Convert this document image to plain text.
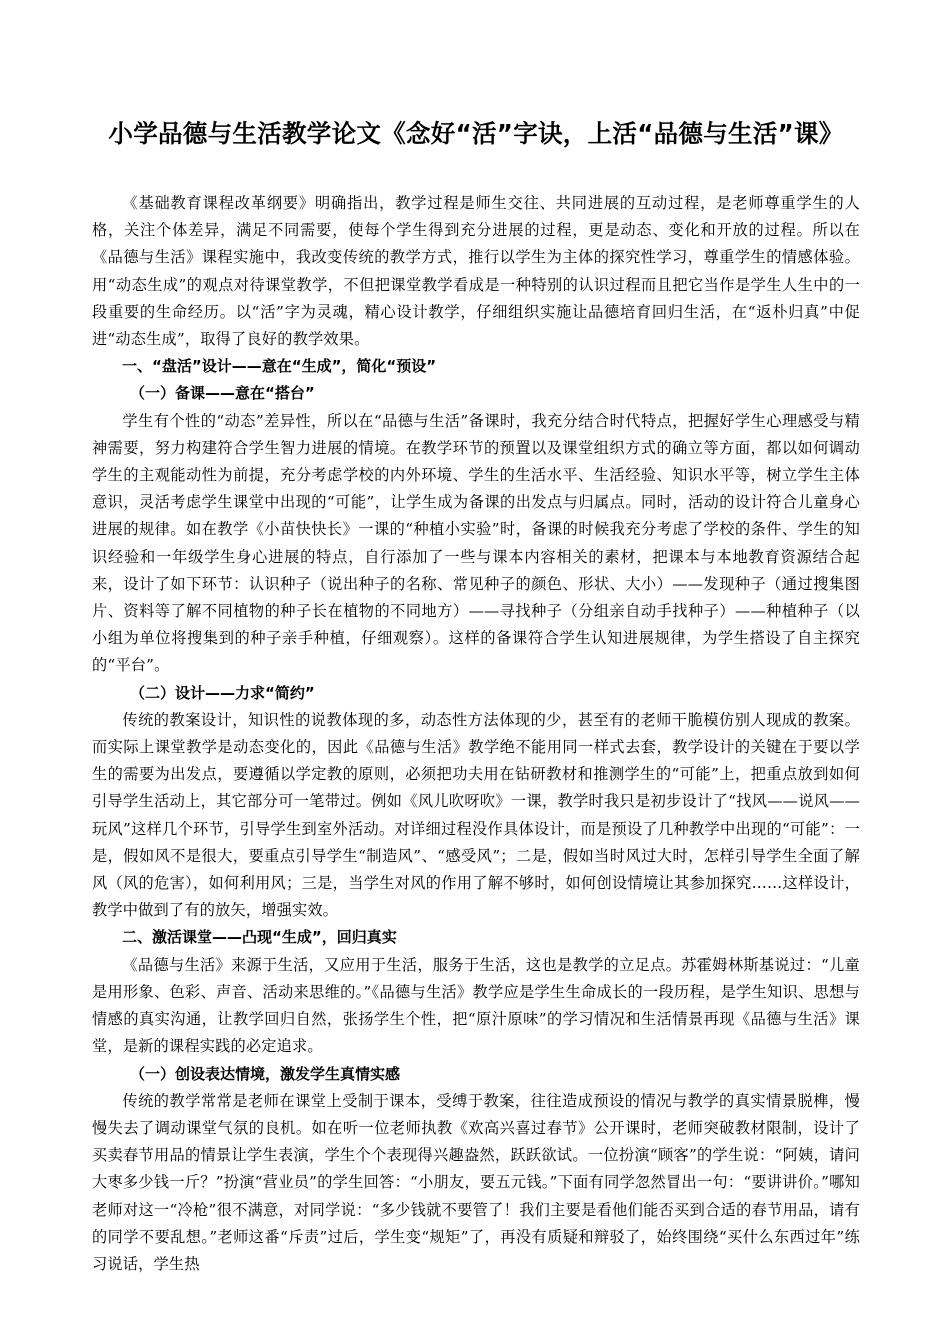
小学品德与生活教学论文《念好“活”字诀，上活“品德与生活”课》

《基础教育课程改革纲要》明确指出，教学过程是师生交往、共同进展的互动过程，是老师尊重学生的人格，关注个体差异，满足不同需要，使每个学生得到充分进展的过程，更是动态、变化和开放的过程。所以在《品德与生活》课程实施中，我改变传统的教学方式，推行以学生为主体的探究性学习，尊重学生的情感体验。用“动态生成”的观点对待课堂教学，不但把课堂教学看成是一种特别的认识过程而且把它当作是学生人生中的一段重要的生命经历。以“活”字为灵魂，精心设计教学，仔细组织实施让品德培育回归生活，在“返朴归真”中促进“动态生成”，取得了良好的教学效果。

一、“盘活”设计——意在“生成”，简化“预设”

（一）备课——意在“搭台”

学生有个性的“动态”差异性，所以在“品德与生活”备课时，我充分结合时代特点，把握好学生心理感受与精神需要，努力构建符合学生智力进展的情境。在教学环节的预置以及课堂组织方式的确立等方面，都以如何调动学生的主观能动性为前提，充分考虑学校的内外环境、学生的生活水平、生活经验、知识水平等，树立学生主体意识，灵活考虑学生课堂中出现的“可能”，让学生成为备课的出发点与归属点。同时，活动的设计符合儿童身心进展的规律。如在教学《小苗快快长》一课的“种植小实验”时，备课的时候我充分考虑了学校的条件、学生的知识经验和一年级学生身心进展的特点，自行添加了一些与课本内容相关的素材，把课本与本地教育资源结合起来，设计了如下环节：认识种子（说出种子的名称、常见种子的颜色、形状、大小）——发现种子（通过搜集图片、资料等了解不同植物的种子长在植物的不同地方）——寻找种子（分组亲自动手找种子）——种植种子（以小组为单位将搜集到的种子亲手种植，仔细观察）。这样的备课符合学生认知进展规律，为学生搭设了自主探究的“平台”。

（二）设计——力求“简约”

传统的教案设计，知识性的说教体现的多，动态性方法体现的少，甚至有的老师干脆模仿别人现成的教案。而实际上课堂教学是动态变化的，因此《品德与生活》教学绝不能用同一样式去套，教学设计的关键在于要以学生的需要为出发点，要遵循以学定教的原则，必须把功夫用在钻研教材和推测学生的“可能”上，把重点放到如何引导学生活动上，其它部分可一笔带过。例如《风儿吹呀吹》一课，教学时我只是初步设计了“找风——说风——玩风”这样几个环节，引导学生到室外活动。对详细过程没作具体设计，而是预设了几种教学中出现的“可能”：一是，假如风不是很大，要重点引导学生“制造风”、“感受风”；二是，假如当时风过大时，怎样引导学生全面了解风（风的危害），如何利用风；三是，当学生对风的作用了解不够时，如何创设情境让其参加探究……这样设计，教学中做到了有的放矢，增强实效。

二、激活课堂——凸现“生成”，回归真实

《品德与生活》来源于生活，又应用于生活，服务于生活，这也是教学的立足点。苏霍姆林斯基说过：“儿童是用形象、色彩、声音、活动来思维的。”《品德与生活》教学应是学生生命成长的一段历程，是学生知识、思想与情感的真实沟通，让教学回归自然，张扬学生个性，把“原汁原味”的学习情况和生活情景再现《品德与生活》课堂，是新的课程实践的必定追求。

（一）创设表达情境，激发学生真情实感

传统的教学常常是老师在课堂上受制于课本，受缚于教案，往往造成预设的情况与教学的真实情景脱榫，慢慢失去了调动课堂气氛的良机。如在听一位老师执教《欢高兴喜过春节》公开课时，老师突破教材限制，设计了买卖春节用品的情景让学生表演，学生个个表现得兴趣盎然，跃跃欲试。一位扮演“顾客”的学生说：“阿姨，请问大枣多少钱一斤？”扮演“营业员”的学生回答：“小朋友，要五元钱。”下面有同学忽然冒出一句：“要讲讲价。”哪知老师对这一“冷枪”很不满意，对同学说：“多少钱就不要管了！我们主要是看他们能否买到合适的春节用品，请有的同学不要乱想。”老师这番“斥责”过后，学生变“规矩”了，再没有质疑和辩驳了，始终围绕“买什么东西过年”练习说话，学生热
